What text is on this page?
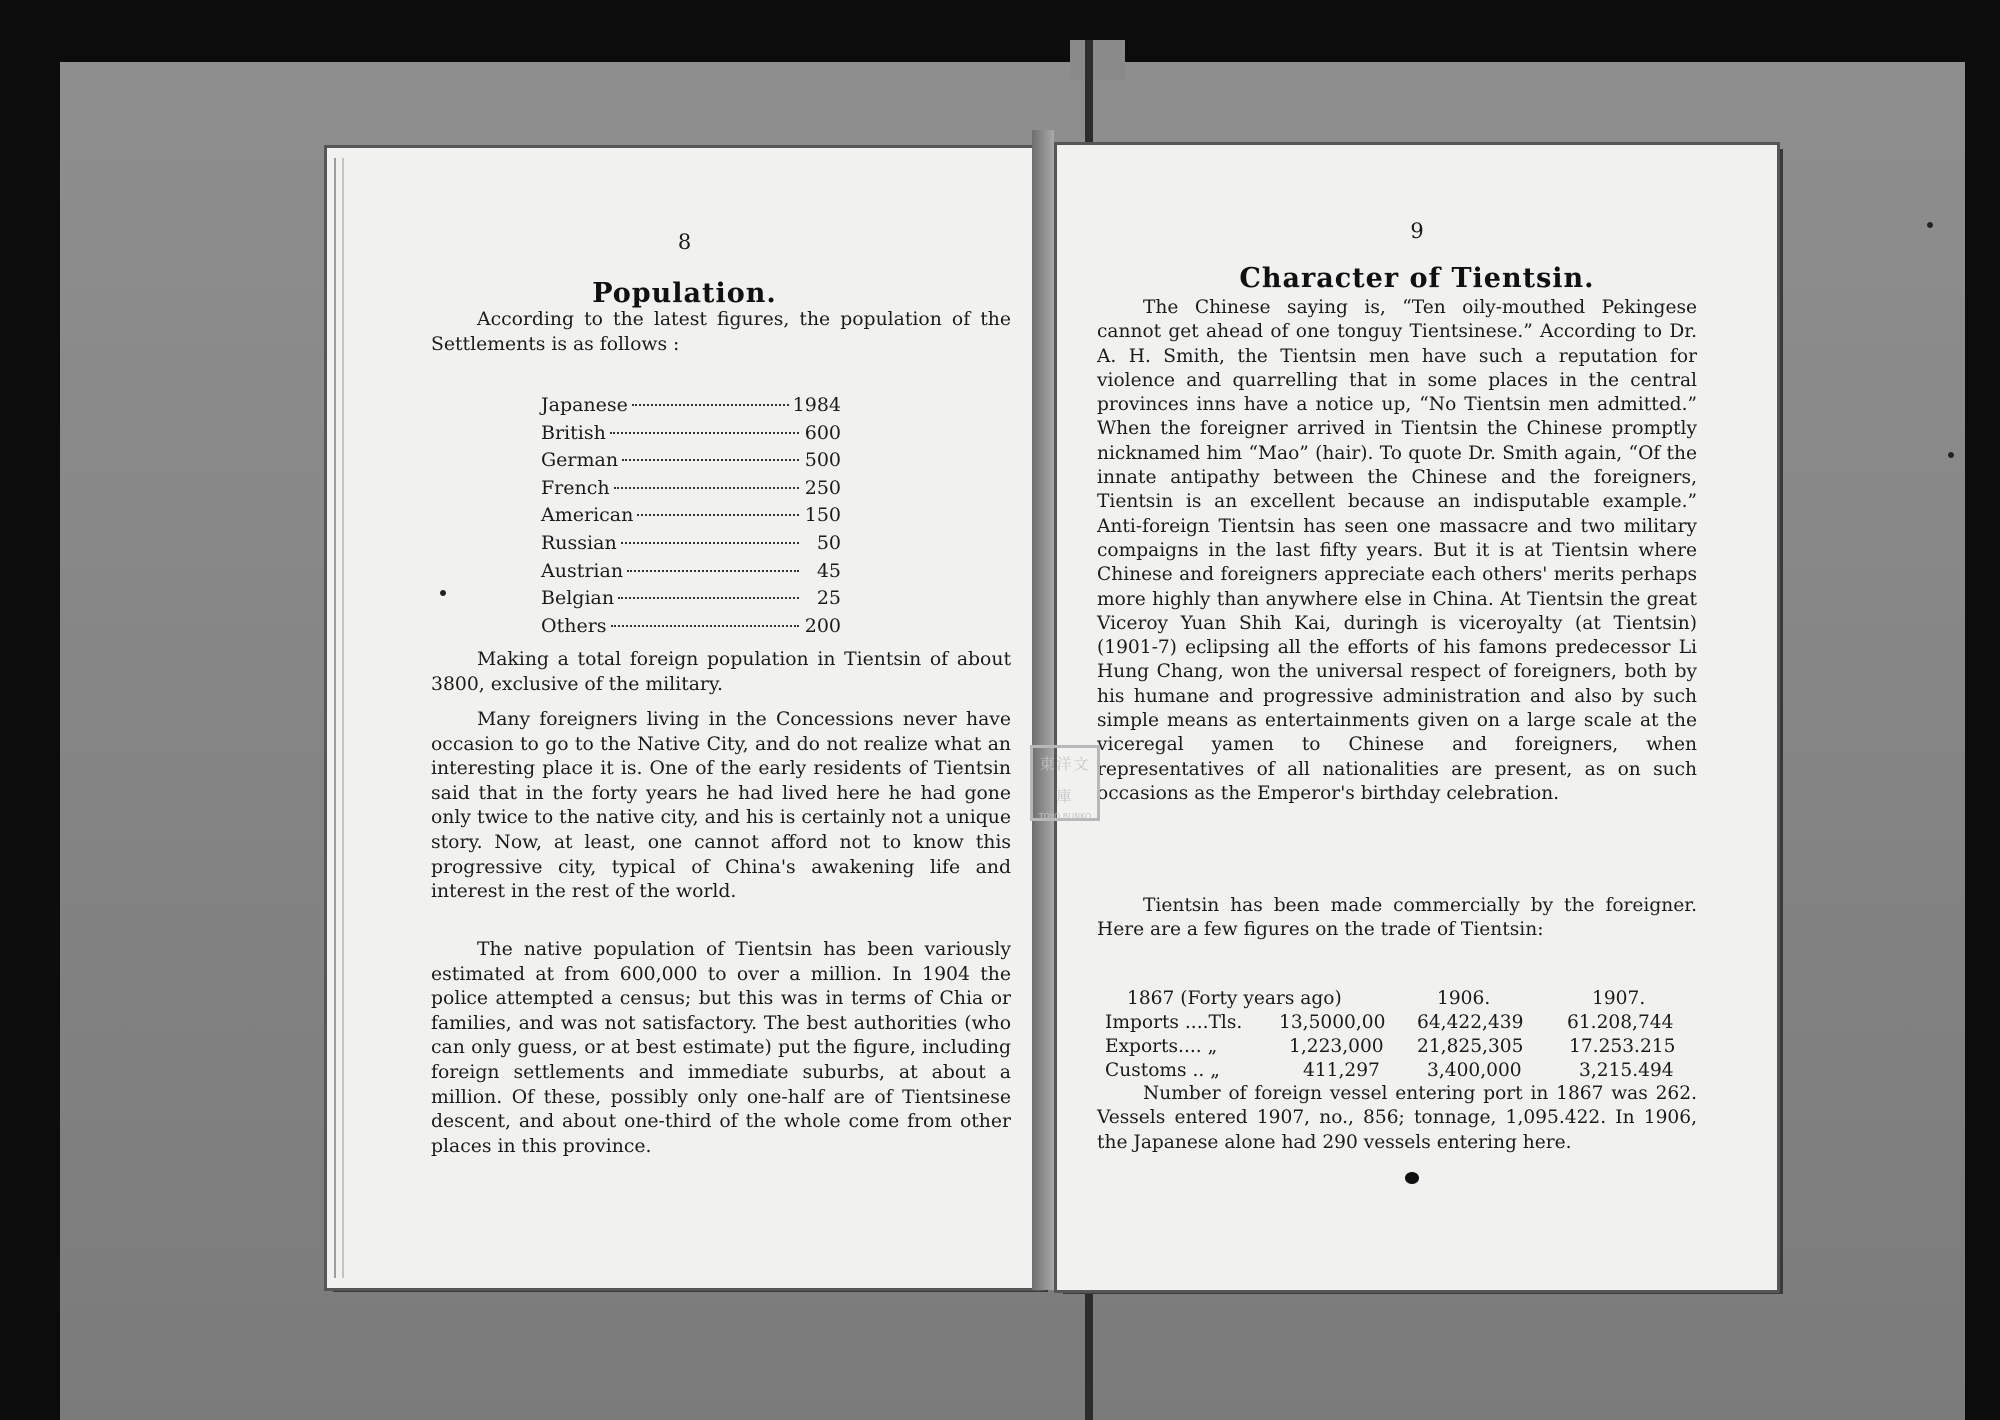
8
Population.

According to the latest figures, the population of the Settlements is as follows :

Japanese	1984
British	600
German	500
French	250
American	150
Russian	50
Austrian	45
Belgian	25
Others	200

Making a total foreign population in Tientsin of about 3800, exclusive of the military.

Many foreigners living in the Concessions never have occasion to go to the Native City, and do not realize what an interesting place it is. One of the early residents of Tientsin said that in the forty years he had lived here he had gone only twice to the native city, and his is certainly not a unique story. Now, at least, one cannot afford not to know this progressive city, typical of China's awakening life and interest in the rest of the world.

The native population of Tientsin has been variously estimated at from 600,000 to over a million. In 1904 the police attempted a census; but this was in terms of Chia or families, and was not satisfactory. The best authorities (who can only guess, or at best estimate) put the figure, including foreign settlements and immediate suburbs, at about a million. Of these, possibly only one-half are of Tientsinese descent, and about one-third of the whole come from other places in this province.

9
Character of Tientsin.

The Chinese saying is, “Ten oily-mouthed Pekingese cannot get ahead of one tonguy Tientsinese.” According to Dr. A. H. Smith, the Tientsin men have such a reputation for violence and quarrelling that in some places in the central provinces inns have a notice up, “No Tientsin men admitted.” When the foreigner arrived in Tientsin the Chinese promptly nicknamed him “Mao” (hair). To quote Dr. Smith again, “Of the innate antipathy between the Chinese and the foreigners, Tientsin is an excellent because an indisputable example.” Anti-foreign Tientsin has seen one massacre and two military compaigns in the last fifty years. But it is at Tientsin where Chinese and foreigners appreciate each others' merits perhaps more highly than anywhere else in China. At Tientsin the great Viceroy Yuan Shih Kai, duringh is viceroyalty (at Tientsin) (1901-7) eclipsing all the efforts of his famons predecessor Li Hung Chang, won the universal respect of foreigners, both by his humane and progressive administration and also by such simple means as entertainments given on a large scale at the viceregal yamen to Chinese and foreigners, when representatives of all nationalities are present, as on such occasions as the Emperor's birthday celebration.

Tientsin has been made commercially by the foreigner. Here are a few figures on the trade of Tientsin:

1867 (Forty years ago)	1906.	1907.
Imports ....Tls. 13,5000,00 64,422,439 61.208,744
Exports.... „	1,223,000 21,825,305 17.253.215
Customs .. „	411,297	3,400,000	3,215.494

Number of foreign vessel entering port in 1867 was 262. Vessels entered 1907, no., 856; tonnage, 1,095.422. In 1906, the Japanese alone had 290 vessels entering here.

東洋文庫
TOYO BUNKO
